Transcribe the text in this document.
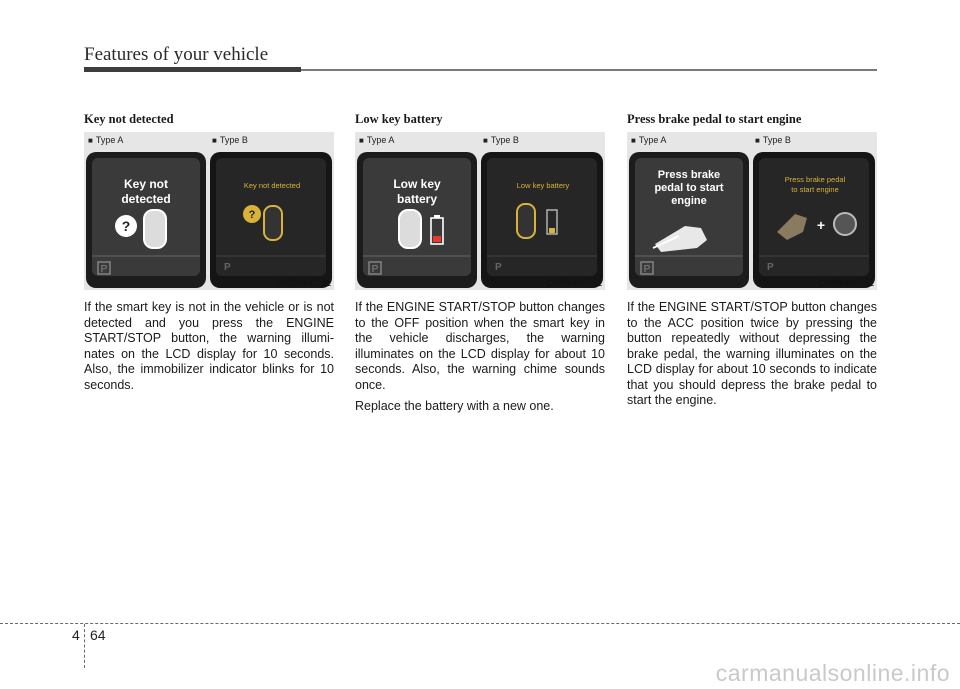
Features of your vehicle
Key not detected
■ Type A	■ Type B
Key not
detected
?
P
Key not detected
?
P
OHG040073L

If the smart key is not in the vehicle or is not detected and you press the ENGINE START/STOP button, the warning illumi-nates on the LCD display for 10 seconds. Also, the immobilizer indicator blinks for 10 seconds.

Low key battery
■ Type A	■ Type B
Low key
battery
P
Low key battery
P
OHG040075L

If the ENGINE START/STOP button changes to the OFF position when the smart key in the vehicle discharges, the warning illuminates on the LCD display for about 10 seconds. Also, the warning chime sounds once.

Replace the battery with a new one.

Press brake pedal to start engine
■ Type A	■ Type B
Press brake
pedal to start
engine
P
Press brake pedal
to start engine
+
P
OHG040076L

If the ENGINE START/STOP button changes to the ACC position twice by pressing the button repeatedly without depressing the brake pedal, the warning illuminates on the LCD display for about 10 seconds to indicate that you should depress the brake pedal to start the engine.

4 64
carmanualsonline.info
